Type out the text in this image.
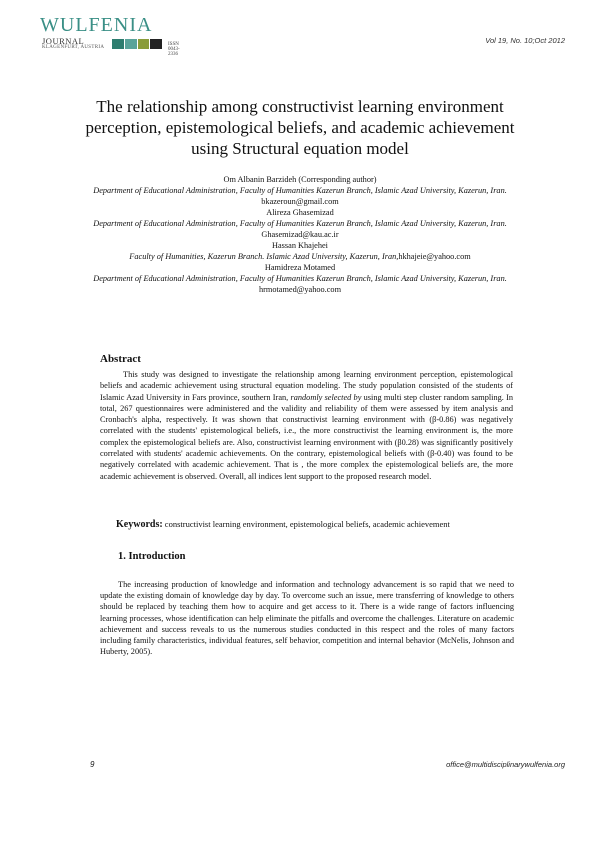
WULFENIA
JOURNAL
KLAGENFURT, AUSTRIA
ISSN 0043-2336
Vol 19, No. 10;Oct 2012
The relationship among constructivist learning environment perception, epistemological beliefs, and academic achievement using Structural equation model

Om Albanin Barzideh (Corresponding author)

Department of Educational Administration, Faculty of Humanities Kazerun Branch, Islamic Azad University, Kazerun, Iran. bkazeroun@gmail.com

Alireza Ghasemizad

Department of Educational Administration, Faculty of Humanities Kazerun Branch, Islamic Azad University, Kazerun, Iran. Ghasemizad@kau.ac.ir

Hassan Khajehei

Faculty of Humanities, Kazerun Branch. Islamic Azad University, Kazerun, Iran,hkhajeie@yahoo.com

Hamidreza Motamed

Department of Educational Administration, Faculty of Humanities Kazerun Branch, Islamic Azad University, Kazerun, Iran. hrmotamed@yahoo.com

Abstract

This study was designed to investigate the relationship among learning environment perception, epistemological beliefs and academic achievement using structural equation modeling. The study population consisted of the students of Islamic Azad University in Fars province, southern Iran, randomly selected by using multi step cluster random sampling. In total, 267 questionnaires were administered and the validity and reliability of them were assessed by item analysis and Cronbach's alpha, respectively. It was shown that constructivist learning environment with (β-0.86) was negatively correlated with the students' epistemological beliefs, i.e., the more constructivist the learning environment is, the more complex the epistemological beliefs are. Also, constructivist learning environment with (β0.28) was significantly positively correlated with students' academic achievements. On the contrary, epistemological beliefs with (β-0.40) was found to be negatively correlated with academic achievement. That is , the more complex the epistemological beliefs are, the more academic achievement is observed. Overall, all indices lent support to the proposed research model.

Keywords: constructivist learning environment, epistemological beliefs, academic achievement
1. Introduction

The increasing production of knowledge and information and technology advancement is so rapid that we need to update the existing domain of knowledge day by day. To overcome such an issue, mere transferring of knowledge to others should be replaced by teaching them how to acquire and get access to it. There is a wide range of factors influencing learning processes, whose identification can help eliminate the pitfalls and overcome the challenges. Literature on academic achievement and success reveals to us the numerous studies conducted in this respect and the roles of many factors including family characteristics, individual features, self behavior, competition and internal behavior (McNelis, Johnson and Huberty, 2005).

9	office@multidisciplinarywulfenia.org
